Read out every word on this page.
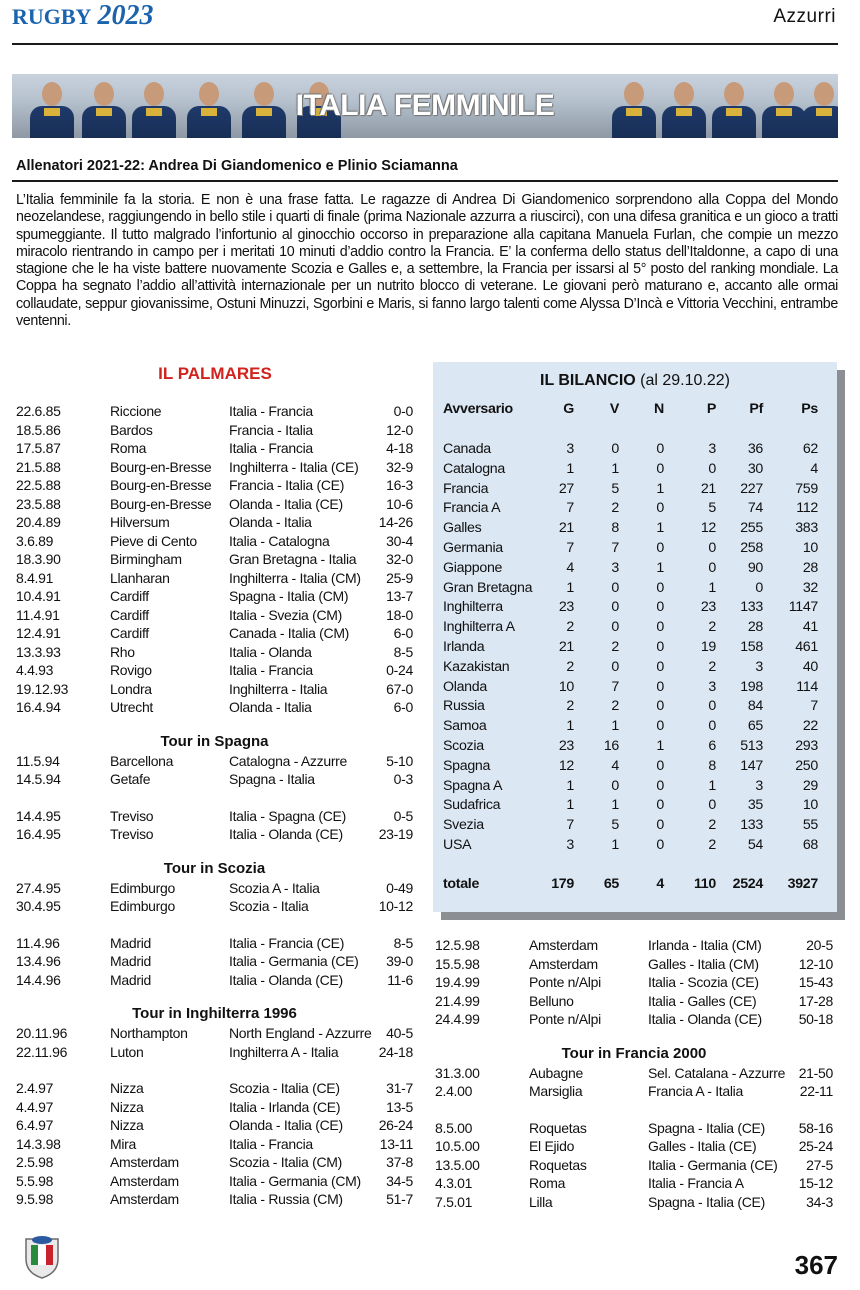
RUGBY 2023	Azzurri
ITALIA FEMMINILE
Allenatori 2021-22: Andrea Di Giandomenico e Plinio Sciamanna
L’Italia femminile fa la storia. E non è una frase fatta. Le ragazze di Andrea Di Giandomenico sorprendono alla Coppa del Mondo neozelandese, raggiungendo in bello stile i quarti di finale (prima Nazionale azzurra a riuscirci), con una difesa granitica e un gioco a tratti spumeggiante. Il tutto malgrado l’infortunio al ginocchio occorso in preparazione alla capitana Manuela Furlan, che compie un mezzo miracolo rientrando in campo per i meritati 10 minuti d’addio contro la Francia. E’ la conferma dello status dell’Italdonne, a capo di una stagione che le ha viste battere nuovamente Scozia e Galles e, a settembre, la Francia per issarsi al 5° posto del ranking mondiale. La Coppa ha segnato l’addio all’attività internazionale per un nutrito blocco di veterane. Le giovani però maturano e, accanto alle ormai collaudate, seppur giovanissime, Ostuni Minuzzi, Sgorbini e Maris, si fanno largo talenti come Alyssa D’Incà e Vittoria Vecchini, entrambe ventenni.
IL PALMARES
22.6.85	Riccione	Italia - Francia	0-0
18.5.86	Bardos	Francia - Italia	12-0
17.5.87	Roma	Italia - Francia	4-18
21.5.88	Bourg-en-Bresse Inghilterra - Italia (CE) 32-9
22.5.88	Bourg-en-Bresse Francia - Italia (CE)	16-3
23.5.88	Bourg-en-Bresse Olanda - Italia (CE)	10-6
20.4.89	Hilversum	Olanda - Italia	14-26
3.6.89	Pieve di Cento Italia - Catalogna	30-4
18.3.90	Birmingham	Gran Bretagna - Italia 32-0
8.4.91	Llanharan	Inghilterra - Italia (CM) 25-9
10.4.91	Cardiff	Spagna - Italia (CM)	13-7
11.4.91	Cardiff	Italia - Svezia (CM)	18-0
12.4.91	Cardiff	Canada - Italia (CM)	6-0
13.3.93	Rho	Italia - Olanda	8-5
4.4.93	Rovigo	Italia - Francia	0-24
19.12.93	Londra	Inghilterra - Italia	67-0
16.4.94	Utrecht	Olanda - Italia	6-0
Tour in Spagna
11.5.94	Barcellona	Catalogna - Azzurre	5-10
14.5.94	Getafe	Spagna - Italia	0-3
14.4.95	Treviso	Italia - Spagna (CE)	0-5
16.4.95	Treviso	Italia - Olanda (CE)	23-19
Tour in Scozia
27.4.95	Edimburgo	Scozia A - Italia	0-49
30.4.95	Edimburgo	Scozia - Italia	10-12
11.4.96	Madrid	Italia - Francia (CE)	8-5
13.4.96	Madrid	Italia - Germania (CE) 39-0
14.4.96	Madrid	Italia - Olanda (CE)	11-6
Tour in Inghilterra 1996
20.11.96	Northampton	North England - Azzurre 40-5
22.11.96	Luton	Inghilterra A - Italia	24-18
2.4.97	Nizza	Scozia - Italia (CE)	31-7
4.4.97	Nizza	Italia - Irlanda (CE)	13-5
6.4.97	Nizza	Olanda - Italia (CE)	26-24
14.3.98	Mira	Italia - Francia	13-11
2.5.98	Amsterdam	Scozia - Italia (CM)	37-8
5.5.98	Amsterdam	Italia - Germania (CM) 34-5
9.5.98	Amsterdam	Italia - Russia (CM)	51-7
IL BILANCIO (al 29.10.22)
Avversario	G	V N	P Pf	Ps
Canada	3	0	0	3 36	62
Catalogna	1	1	0	0 30	4
Francia	27	5	1	21 227 759
Francia A	7	2	0	5 74 112
Galles	21	8	1	12 255 383
Germania	7	7	0	0 258	10
Giappone	4	3	1	0 90	28
Gran Bretagna 1	0	0	1	0	32
Inghilterra	23	0	0	23 133 1147
Inghilterra A	2	0	0	2 28	41
Irlanda	21	2	0	19 158 461
Kazakistan	2	0	0	2	3	40
Olanda	10	7	0	3 198 114
Russia	2	2	0	0 84	7
Samoa	1	1	0	0 65	22
Scozia	23 16	1	6 513 293
Spagna	12	4	0	8 147 250
Spagna A	1	0	0	1	3	29
Sudafrica	1	1	0	0 35	10
Svezia	7	5	0	2 133	55
USA	3	1	0	2 54	68
totale	179 65	4 110 2524 3927
12.5.98	Amsterdam	Irlanda - Italia (CM)	20-5
15.5.98	Amsterdam	Galles - Italia (CM)	12-10
19.4.99	Ponte n/Alpi	Italia - Scozia (CE)	15-43
21.4.99	Belluno	Italia - Galles (CE)	17-28
24.4.99	Ponte n/Alpi	Italia - Olanda (CE)	50-18
Tour in Francia 2000
31.3.00	Aubagne	Sel. Catalana - Azzurre 21-50
2.4.00	Marsiglia	Francia A - Italia	22-11
8.5.00	Roquetas	Spagna - Italia (CE) 58-16
10.5.00	El Ejido	Galles - Italia (CE)	25-24
13.5.00	Roquetas	Italia - Germania (CE) 27-5
4.3.01	Roma	Italia - Francia A	15-12
7.5.01	Lilla	Spagna - Italia (CE)	34-3
367
